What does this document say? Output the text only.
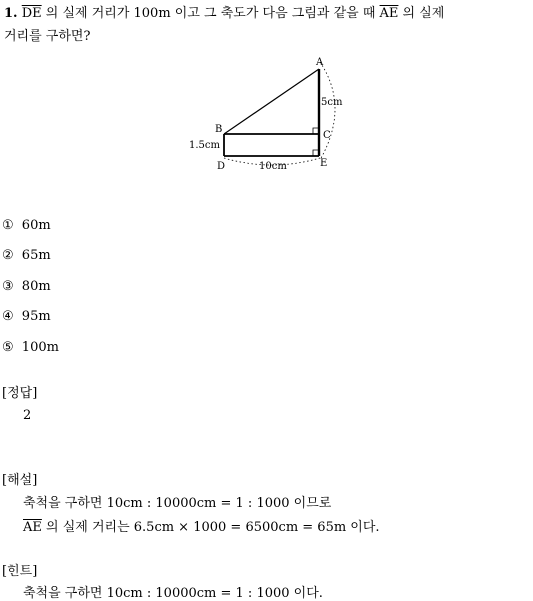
1. $\overline{DE}$ 의 실제 거리가 100m 이고 그 축도가 다음 그림과 같을 때 $\overline{AE}$ 의 실제
거리를 구하면?
A
B
C
D	E
5cm
1.5cm
10cm
① 60m
② 65m
③ 80m
④ 95m
⑤ 100m
[정답]
2
[해설]
축척을 구하면 10cm : 10000cm = 1 : 1000 이므로
$\overline{AE}$ 의 실제 거리는 6.5cm × 1000 = 6500cm = 65m 이다.
[힌트]
축척을 구하면 10cm : 10000cm = 1 : 1000 이다.
